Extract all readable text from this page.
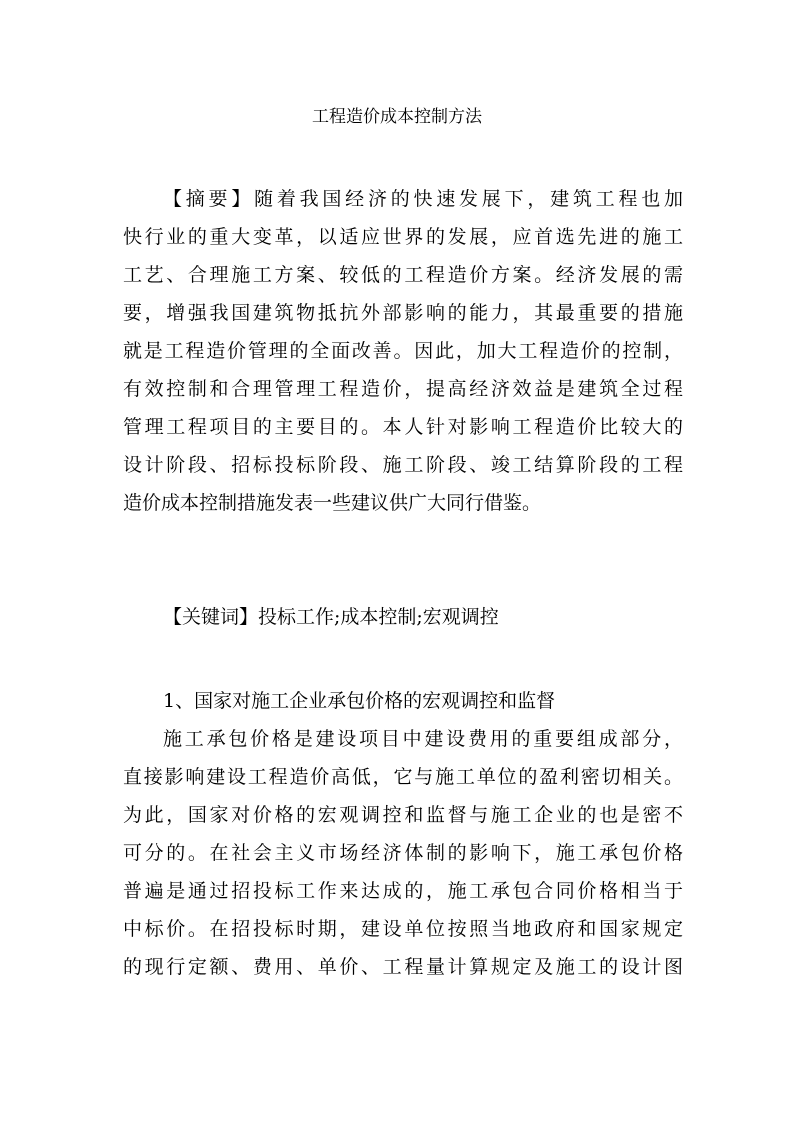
工程造价成本控制方法
【摘要】随着我国经济的快速发展下，建筑工程也加
快行业的重大变革，以适应世界的发展，应首选先进的施工
工艺、合理施工方案、较低的工程造价方案。经济发展的需
要，增强我国建筑物抵抗外部影响的能力，其最重要的措施
就是工程造价管理的全面改善。因此，加大工程造价的控制，
有效控制和合理管理工程造价，提高经济效益是建筑全过程
管理工程项目的主要目的。本人针对影响工程造价比较大的
设计阶段、招标投标阶段、施工阶段、竣工结算阶段的工程
造价成本控制措施发表一些建议供广大同行借鉴。
【关键词】投标工作;成本控制;宏观调控
1、国家对施工企业承包价格的宏观调控和监督
施工承包价格是建设项目中建设费用的重要组成部分，
直接影响建设工程造价高低，它与施工单位的盈利密切相关。
为此，国家对价格的宏观调控和监督与施工企业的也是密不
可分的。在社会主义市场经济体制的影响下，施工承包价格
普遍是通过招投标工作来达成的，施工承包合同价格相当于
中标价。在招投标时期，建设单位按照当地政府和国家规定
的现行定额、费用、单价、工程量计算规定及施工的设计图
